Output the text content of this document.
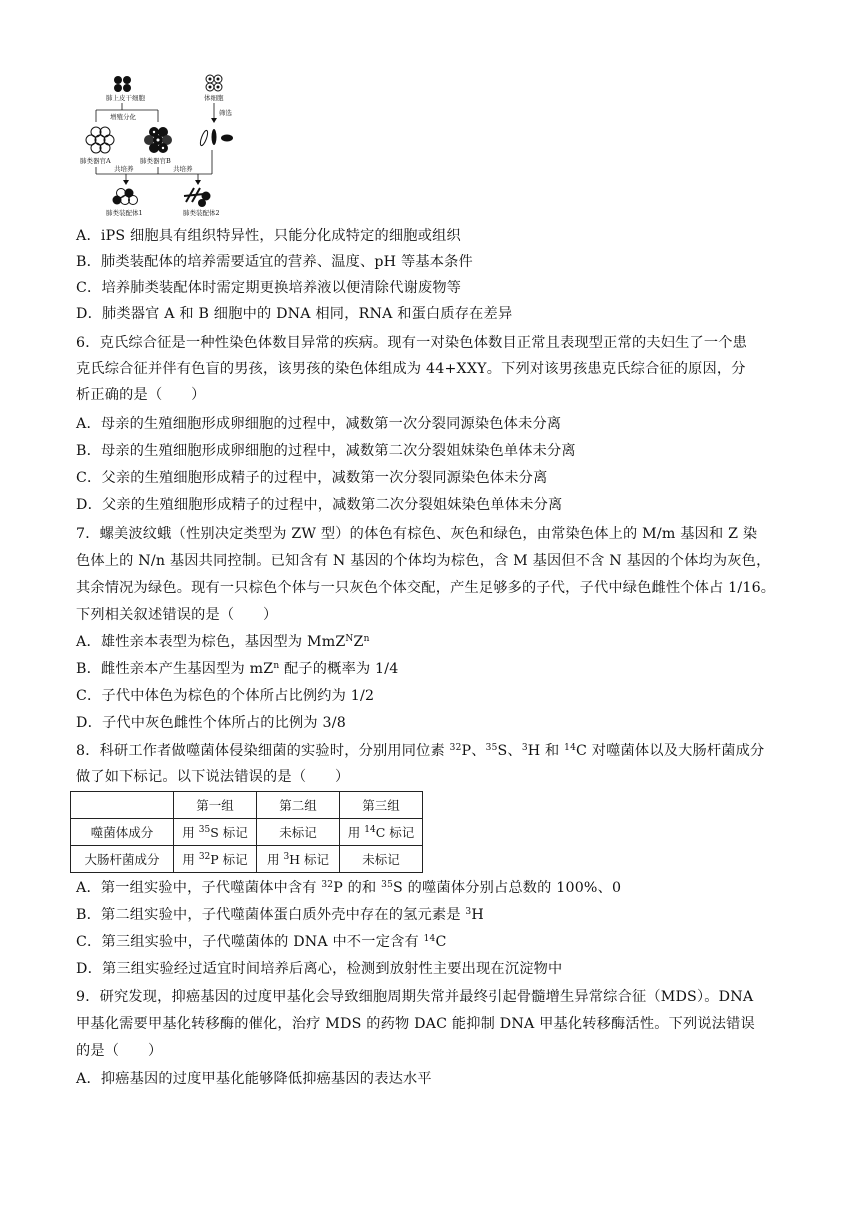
肺上皮干细胞	体细胞
增殖分化	筛选
肺类器官A	肺类器官B
共培养	共培养
肺类装配体1	肺类装配体2
A．iPS 细胞具有组织特异性，只能分化成特定的细胞或组织
B．肺类装配体的培养需要适宜的营养、温度、pH 等基本条件
C．培养肺类装配体时需定期更换培养液以便清除代谢废物等
D．肺类器官 A 和 B 细胞中的 DNA 相同，RNA 和蛋白质存在差异
6．克氏综合征是一种性染色体数目异常的疾病。现有一对染色体数目正常且表现型正常的夫妇生了一个患
克氏综合征并伴有色盲的男孩，该男孩的染色体组成为 44+XXY。下列对该男孩患克氏综合征的原因，分
析正确的是（　　）
A．母亲的生殖细胞形成卵细胞的过程中，减数第一次分裂同源染色体未分离
B．母亲的生殖细胞形成卵细胞的过程中，减数第二次分裂姐妹染色单体未分离
C．父亲的生殖细胞形成精子的过程中，减数第一次分裂同源染色体未分离
D．父亲的生殖细胞形成精子的过程中，减数第二次分裂姐妹染色单体未分离
7．螺美波纹蛾（性别决定类型为 ZW 型）的体色有棕色、灰色和绿色，由常染色体上的 M/m 基因和 Z 染
色体上的 N/n 基因共同控制。已知含有 N 基因的个体均为棕色，含 M 基因但不含 N 基因的个体均为灰色，
其余情况为绿色。现有一只棕色个体与一只灰色个体交配，产生足够多的子代，子代中绿色雌性个体占 1/16。
下列相关叙述错误的是（　　）
A．雄性亲本表型为棕色，基因型为 $MmZ^NZ^n$
B．雌性亲本产生基因型为 $mZ^n$ 配子的概率为 1/4
C．子代中体色为棕色的个体所占比例约为 1/2
D．子代中灰色雌性个体所占的比例为 3/8
8．科研工作者做噬菌体侵染细菌的实验时，分别用同位素 $^{32}$P、$^{35}$S、$^3$H 和 $^{14}$C 对噬菌体以及大肠杆菌成分
做了如下标记。以下说法错误的是（　　）
	第一组	第二组	第三组
噬菌体成分	用 $^{35}$S 标记	未标记	用 $^{14}$C 标记
大肠杆菌成分	用 $^{32}$P 标记	用 $^3$H 标记	未标记
A．第一组实验中，子代噬菌体中含有 $^{32}$P 的和 $^{35}$S 的噬菌体分别占总数的 100%、0
B．第二组实验中，子代噬菌体蛋白质外壳中存在的氢元素是 $^3$H
C．第三组实验中，子代噬菌体的 DNA 中不一定含有 $^{14}$C
D．第三组实验经过适宜时间培养后离心，检测到放射性主要出现在沉淀物中
9．研究发现，抑癌基因的过度甲基化会导致细胞周期失常并最终引起骨髓增生异常综合征（MDS）。DNA
甲基化需要甲基化转移酶的催化，治疗 MDS 的药物 DAC 能抑制 DNA 甲基化转移酶活性。下列说法错误
的是（　　）
A．抑癌基因的过度甲基化能够降低抑癌基因的表达水平
